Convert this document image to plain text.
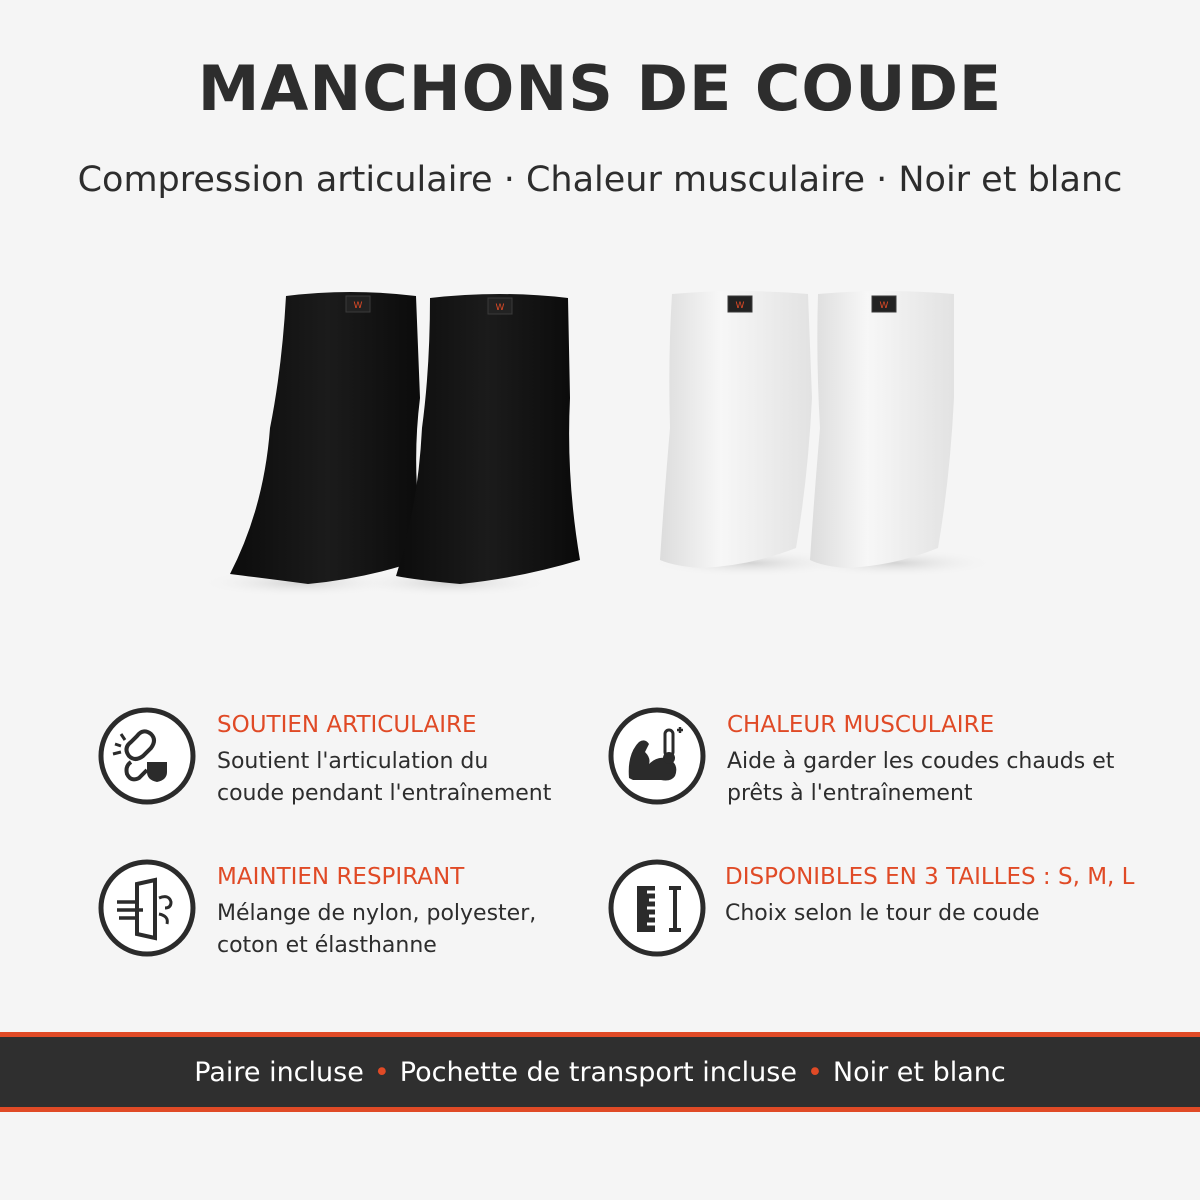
MANCHONS DE COUDE
Compression articulaire · Chaleur musculaire · Noir et blanc
W	W	W	W
SOUTIEN ARTICULAIRE
Soutient l'articulation du
coude pendant l'entraînement
CHALEUR MUSCULAIRE
Aide à garder les coudes chauds et
prêts à l'entraînement
MAINTIEN RESPIRANT
Mélange de nylon, polyester,
coton et élasthanne
DISPONIBLES EN 3 TAILLES : S, M, L
Choix selon le tour de coude
Paire incluse • Pochette de transport incluse • Noir et blanc
